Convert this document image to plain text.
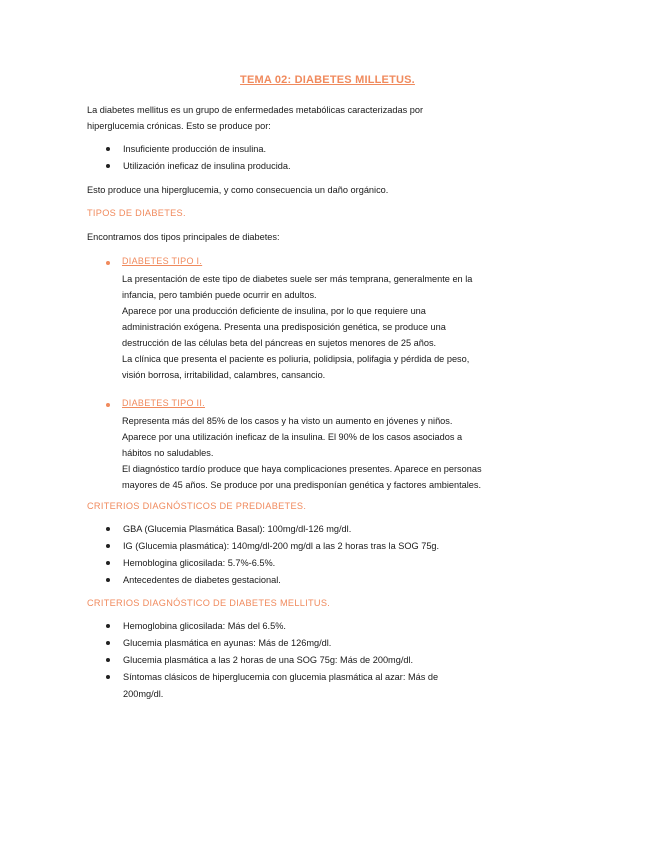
TEMA 02: DIABETES MILLETUS.
La diabetes mellitus es un grupo de enfermedades metabólicas caracterizadas por
hiperglucemia crónicas. Esto se produce por:
Insuficiente producción de insulina.
Utilización ineficaz de insulina producida.
Esto produce una hiperglucemia, y como consecuencia un daño orgánico.
TIPOS DE DIABETES.
Encontramos dos tipos principales de diabetes:
DIABETES TIPO I.
La presentación de este tipo de diabetes suele ser más temprana, generalmente en la
infancia, pero también puede ocurrir en adultos.
Aparece por una producción deficiente de insulina, por lo que requiere una
administración exógena. Presenta una predisposición genética, se produce una
destrucción de las células beta del páncreas en sujetos menores de 25 años.
La clínica que presenta el paciente es poliuria, polidipsia, polifagia y pérdida de peso,
visión borrosa, irritabilidad, calambres, cansancio.
DIABETES TIPO II.
Representa más del 85% de los casos y ha visto un aumento en jóvenes y niños.
Aparece por una utilización ineficaz de la insulina. El 90% de los casos asociados a
hábitos no saludables.
El diagnóstico tardío produce que haya complicaciones presentes. Aparece en personas
mayores de 45 años. Se produce por una predisponían genética y factores ambientales.
CRITERIOS DIAGNÓSTICOS DE PREDIABETES.
GBA (Glucemia Plasmática Basal): 100mg/dl-126 mg/dl.
IG (Glucemia plasmática): 140mg/dl-200 mg/dl a las 2 horas tras la SOG 75g.
Hemoblogina glicosilada: 5.7%-6.5%.
Antecedentes de diabetes gestacional.
CRITERIOS DIAGNÓSTICO DE DIABETES MELLITUS.
Hemoglobina glicosilada: Más del 6.5%.
Glucemia plasmática en ayunas: Más de 126mg/dl.
Glucemia plasmática a las 2 horas de una SOG 75g: Más de 200mg/dl.
Síntomas clásicos de hiperglucemia con glucemia plasmática al azar: Más de
200mg/dl.
